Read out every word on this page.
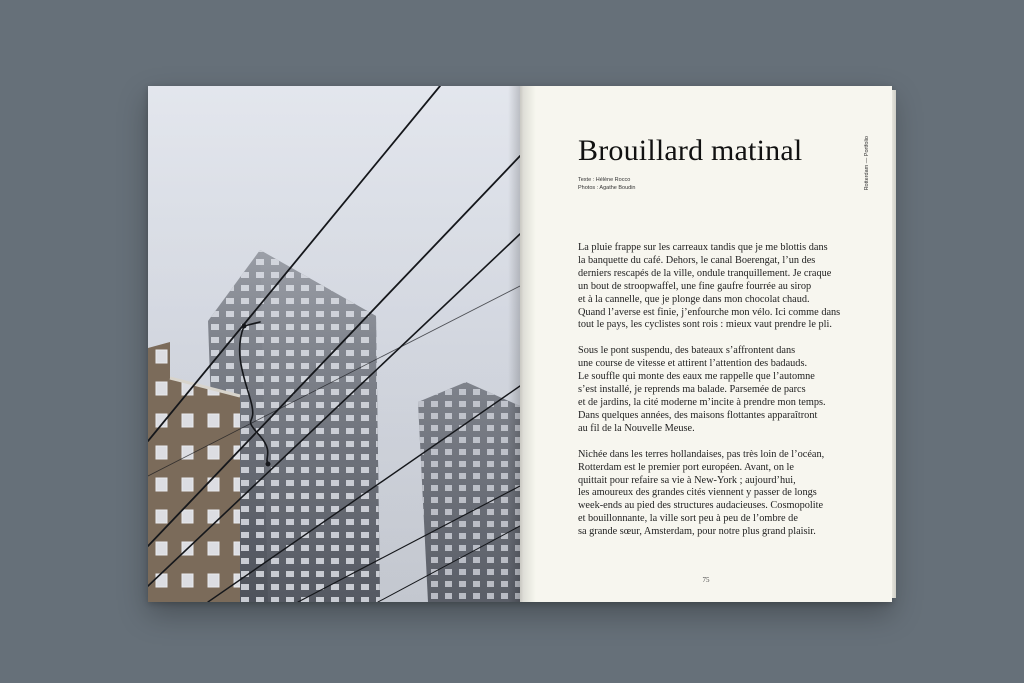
Brouillard matinal
Texte : Hélène Rocco
Photos : Agathe Boudin

La pluie frappe sur les carreaux tandis que je me blottis dans
la banquette du café. Dehors, le canal Boerengat, l’un des
derniers rescapés de la ville, ondule tranquillement. Je craque
un bout de stroopwaffel, une fine gaufre fourrée au sirop
et à la cannelle, que je plonge dans mon chocolat chaud.
Quand l’averse est finie, j’enfourche mon vélo. Ici comme dans
tout le pays, les cyclistes sont rois : mieux vaut prendre le pli.

Sous le pont suspendu, des bateaux s’affrontent dans
une course de vitesse et attirent l’attention des badauds.
Le souffle qui monte des eaux me rappelle que l’automne
s’est installé, je reprends ma balade. Parsemée de parcs
et de jardins, la cité moderne m’incite à prendre mon temps.
Dans quelques années, des maisons flottantes apparaîtront
au fil de la Nouvelle Meuse.

Nichée dans les terres hollandaises, pas très loin de l’océan,
Rotterdam est le premier port européen. Avant, on le
quittait pour refaire sa vie à New-York ; aujourd’hui,
les amoureux des grandes cités viennent y passer de longs
week-ends au pied des structures audacieuses. Cosmopolite
et bouillonnante, la ville sort peu à peu de l’ombre de
sa grande sœur, Amsterdam, pour notre plus grand plaisir.

Rotterdam — Portfolio
75
